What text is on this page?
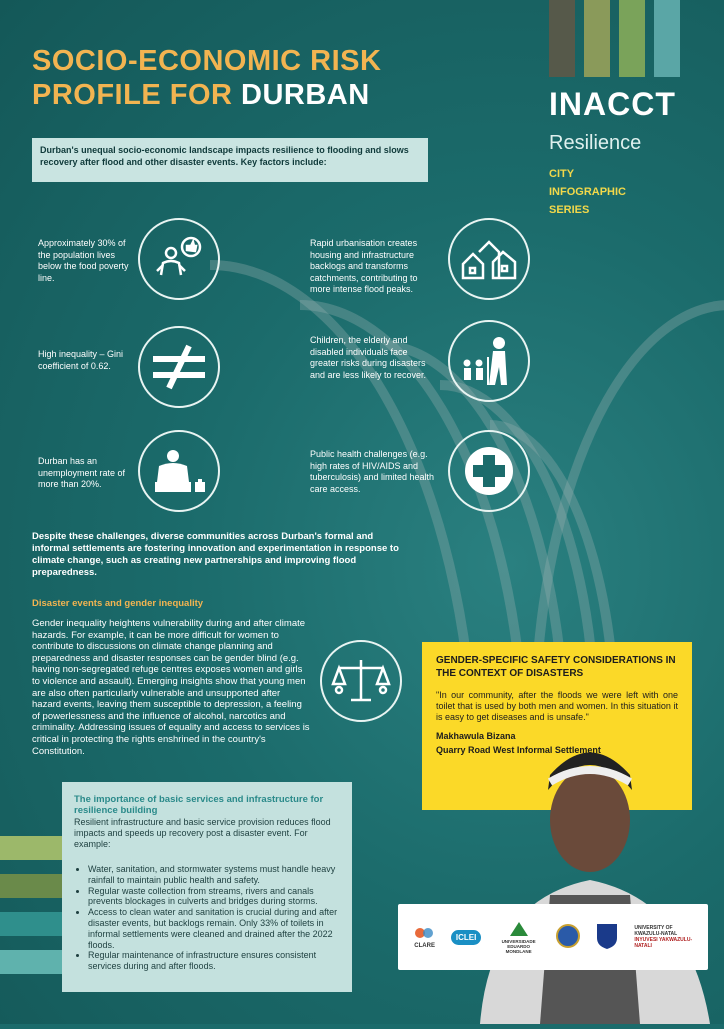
SOCIO-ECONOMIC RISK
PROFILE FOR DURBAN	INACCT
Resilience
CITY
INFOGRAPHIC
SERIES
Durban's unequal socio-economic landscape impacts resilience to flooding and slows recovery after flood and other disaster events. Key factors include:
Approximately 30% of the population lives below the food poverty line.
Rapid urbanisation creates housing and infrastructure backlogs and transforms catchments, contributing to more intense flood peaks.
High inequality – Gini coefficient of 0.62.
Children, the elderly and disabled individuals face greater risks during disasters and are less likely to recover.
Durban has an unemployment rate of more than 20%.
Public health challenges (e.g. high rates of HIV/AIDS and tuberculosis) and limited health care access.
Despite these challenges, diverse communities across Durban's formal and informal settlements are fostering innovation and experimentation in response to climate change, such as creating new partnerships and improving flood preparedness.
Disaster events and gender inequality
Gender inequality heightens vulnerability during and after climate hazards. For example, it can be more difficult for women to contribute to discussions on climate change planning and preparedness and disaster responses can be gender blind (e.g. having non-segregated refuge centres exposes women and girls to violence and assault). Emerging insights show that young men are also often particularly vulnerable and unsupported after hazard events, leaving them susceptible to depression, a feeling of powerlessness and the influence of alcohol, narcotics and criminality. Addressing issues of equality and access to services is critical in protecting the rights enshrined in the country's Constitution.
GENDER-SPECIFIC SAFETY CONSIDERATIONS IN THE CONTEXT OF DISASTERS
"In our community, after the floods we were left with one toilet that is used by both men and women. In this situation it is easy to get diseases and is unsafe."
Makhawula Bizana
Quarry Road West Informal Settlement
The importance of basic services and infrastructure for resilience building
Resilient infrastructure and basic service provision reduces flood impacts and speeds up recovery post a disaster event. For example:
• Water, sanitation, and stormwater systems must handle heavy rainfall to maintain public health and safety.
• Regular waste collection from streams, rivers and canals prevents blockages in culverts and bridges during storms.
• Access to clean water and sanitation is crucial during and after disaster events, but backlogs remain. Only 33% of toilets in informal settlements were cleaned and drained after the 2022 floods.
• Regular maintenance of infrastructure ensures consistent services during and after floods.
CLARE
ICLEI	UNIVERSIDADE EDUARDO MONDLANE
UNIVERSITY OF KWAZULU-NATAL
INYUVESI YAKWAZULU-NATALI
